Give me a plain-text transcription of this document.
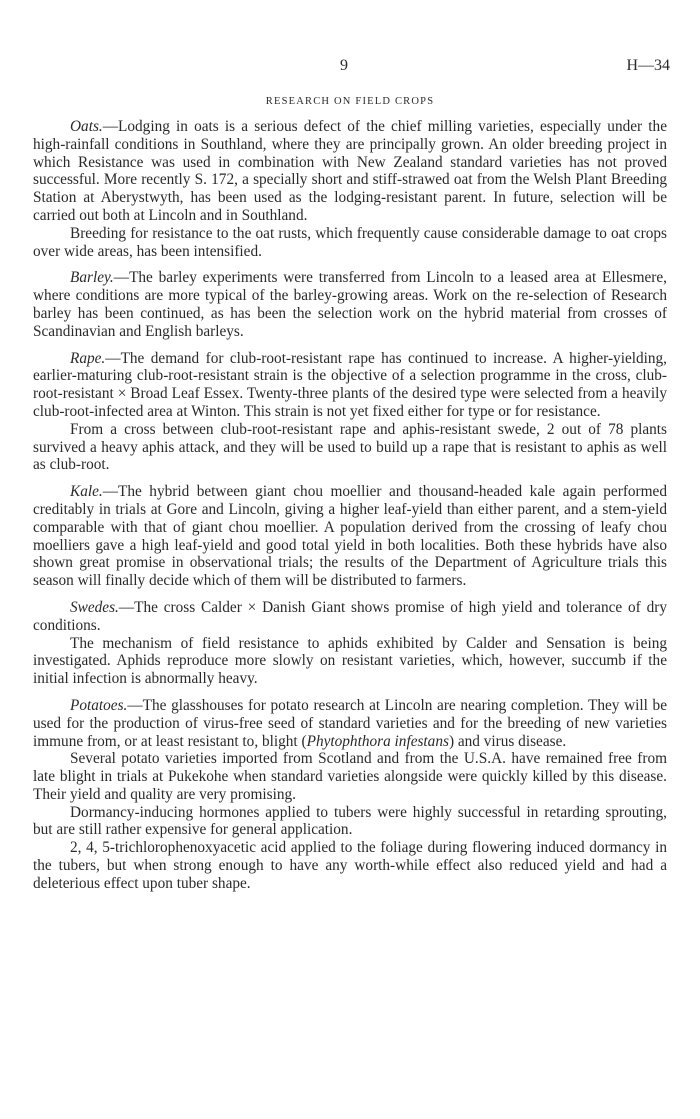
9	H—34
RESEARCH ON FIELD CROPS

Oats.—Lodging in oats is a serious defect of the chief milling varieties, especially under the high-rainfall conditions in Southland, where they are principally grown. An older breeding project in which Resistance was used in combination with New Zealand standard varieties has not proved successful. More recently S. 172, a specially short and stiff-strawed oat from the Welsh Plant Breeding Station at Aberystwyth, has been used as the lodging-resistant parent. In future, selection will be carried out both at Lincoln and in Southland.

Breeding for resistance to the oat rusts, which frequently cause considerable damage to oat crops over wide areas, has been intensified.

Barley.—The barley experiments were transferred from Lincoln to a leased area at Ellesmere, where conditions are more typical of the barley-growing areas. Work on the re-selection of Research barley has been continued, as has been the selection work on the hybrid material from crosses of Scandinavian and English barleys.

Rape.—The demand for club-root-resistant rape has continued to increase. A higher-yielding, earlier-maturing club-root-resistant strain is the objective of a selection programme in the cross, club-root-resistant × Broad Leaf Essex. Twenty-three plants of the desired type were selected from a heavily club-root-infected area at Winton. This strain is not yet fixed either for type or for resistance.

From a cross between club-root-resistant rape and aphis-resistant swede, 2 out of 78 plants survived a heavy aphis attack, and they will be used to build up a rape that is resistant to aphis as well as club-root.

Kale.—The hybrid between giant chou moellier and thousand-headed kale again performed creditably in trials at Gore and Lincoln, giving a higher leaf-yield than either parent, and a stem-yield comparable with that of giant chou moellier. A population derived from the crossing of leafy chou moelliers gave a high leaf-yield and good total yield in both localities. Both these hybrids have also shown great promise in observational trials; the results of the Department of Agriculture trials this season will finally decide which of them will be distributed to farmers.

Swedes.—The cross Calder × Danish Giant shows promise of high yield and tolerance of dry conditions.

The mechanism of field resistance to aphids exhibited by Calder and Sensation is being investigated. Aphids reproduce more slowly on resistant varieties, which, however, succumb if the initial infection is abnormally heavy.

Potatoes.—The glasshouses for potato research at Lincoln are nearing completion. They will be used for the production of virus-free seed of standard varieties and for the breeding of new varieties immune from, or at least resistant to, blight (Phytophthora infestans) and virus disease.

Several potato varieties imported from Scotland and from the U.S.A. have remained free from late blight in trials at Pukekohe when standard varieties alongside were quickly killed by this disease. Their yield and quality are very promising.

Dormancy-inducing hormones applied to tubers were highly successful in retarding sprouting, but are still rather expensive for general application.

2, 4, 5-trichlorophenoxyacetic acid applied to the foliage during flowering induced dormancy in the tubers, but when strong enough to have any worth-while effect also reduced yield and had a deleterious effect upon tuber shape.
